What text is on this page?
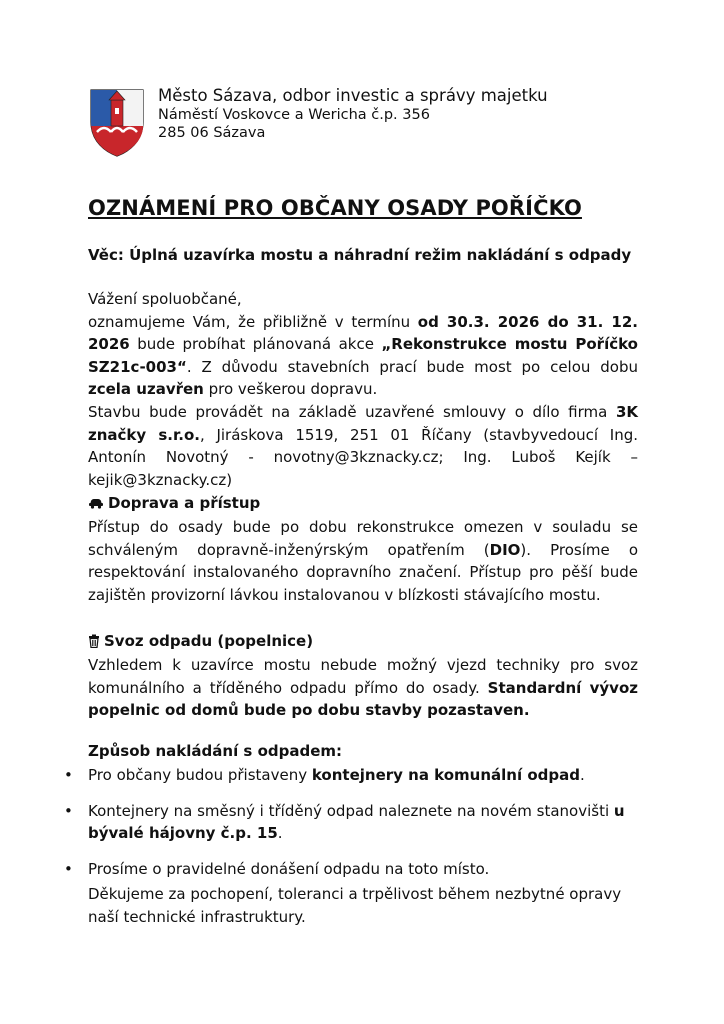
Město Sázava, odbor investic a správy majetku
Náměstí Voskovce a Wericha č.p. 356
285 06 Sázava
OZNÁMENÍ PRO OBČANY OSADY POŘÍČKO
Věc: Úplná uzavírka mostu a náhradní režim nakládání s odpady
Vážení spoluobčané,
oznamujeme Vám, že přibližně v termínu od 30.3. 2026 do 31. 12. 2026 bude probíhat plánovaná akce „Rekonstrukce mostu Poříčko SZ21c-003“. Z důvodu stavebních prací bude most po celou dobu zcela uzavřen pro veškerou dopravu.
Stavbu bude provádět na základě uzavřené smlouvy o dílo firma 3K značky s.r.o., Jiráskova 1519, 251 01 Říčany (stavbyvedoucí Ing. Antonín Novotný - novotny@3kznacky.cz; Ing. Luboš Kejík –kejik@3kznacky.cz)
Doprava a přístup
Přístup do osady bude po dobu rekonstrukce omezen v souladu se schváleným dopravně-inženýrským opatřením (DIO). Prosíme o respektování instalovaného dopravního značení. Přístup pro pěší bude zajištěn provizorní lávkou instalovanou v blízkosti stávajícího mostu.
Svoz odpadu (popelnice)
Vzhledem k uzavírce mostu nebude možný vjezd techniky pro svoz komunálního a tříděného odpadu přímo do osady. Standardní vývoz popelnic od domů bude po dobu stavby pozastaven.
Způsob nakládání s odpadem:
• Pro občany budou přistaveny kontejnery na komunální odpad.
• Kontejnery na směsný i tříděný odpad naleznete na novém stanovišti u bývalé hájovny č.p. 15.
• Prosíme o pravidelné donášení odpadu na toto místo.
Děkujeme za pochopení, toleranci a trpělivost během nezbytné opravy naší technické infrastruktury.
